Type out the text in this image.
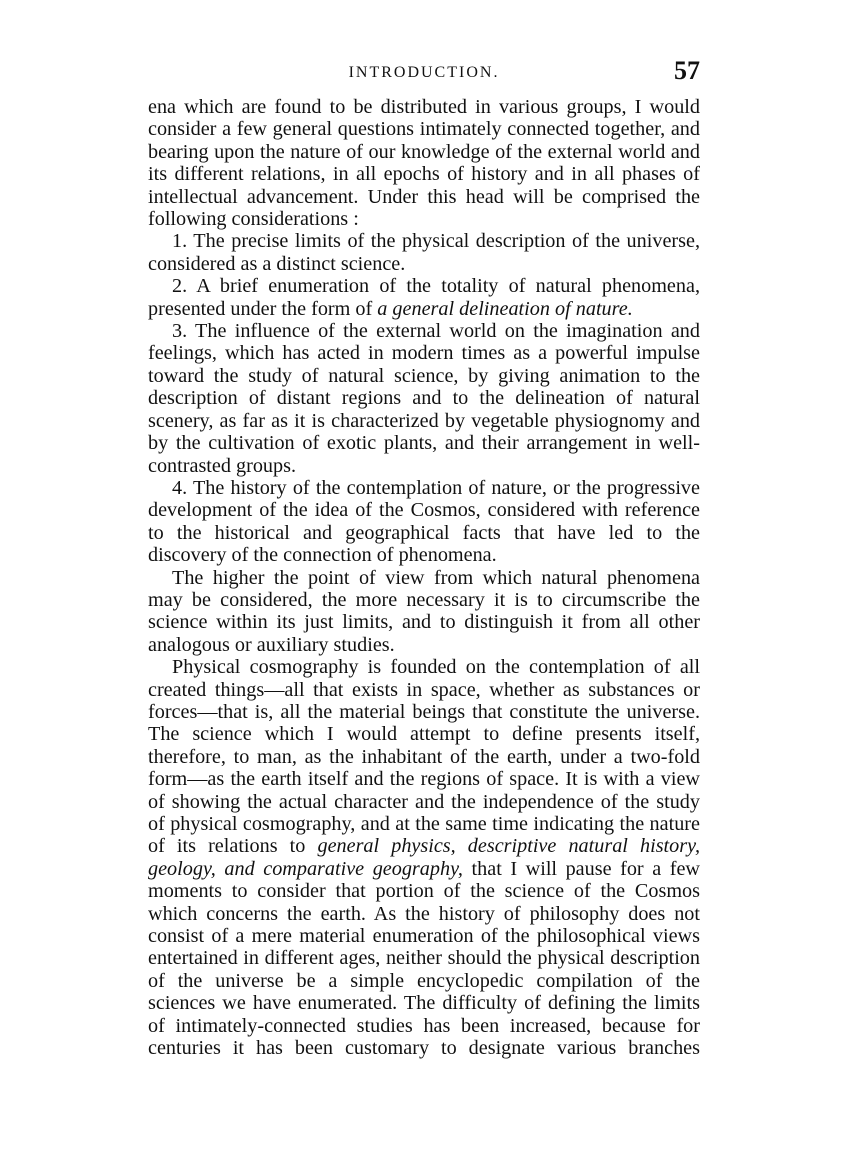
INTRODUCTION.	57

ena which are found to be distributed in various groups, I would consider a few general questions intimately connected together, and bearing upon the nature of our knowledge of the external world and its different relations, in all epochs of history and in all phases of intellectual advancement. Under this head will be comprised the following considerations :

1. The precise limits of the physical description of the universe, considered as a distinct science.

2. A brief enumeration of the totality of natural phenomena, presented under the form of a general delineation of nature.

3. The influence of the external world on the imagination and feelings, which has acted in modern times as a powerful impulse toward the study of natural science, by giving animation to the description of distant regions and to the delineation of natural scenery, as far as it is characterized by vegetable physiognomy and by the cultivation of exotic plants, and their arrangement in well-contrasted groups.

4. The history of the contemplation of nature, or the progressive development of the idea of the Cosmos, considered with reference to the historical and geographical facts that have led to the discovery of the connection of phenomena.

The higher the point of view from which natural phenomena may be considered, the more necessary it is to circumscribe the science within its just limits, and to distinguish it from all other analogous or auxiliary studies.

Physical cosmography is founded on the contemplation of all created things—all that exists in space, whether as substances or forces—that is, all the material beings that constitute the universe. The science which I would attempt to define presents itself, therefore, to man, as the inhabitant of the earth, under a two-fold form—as the earth itself and the regions of space. It is with a view of showing the actual character and the independence of the study of physical cosmography, and at the same time indicating the nature of its relations to general physics, descriptive natural history, geology, and comparative geography, that I will pause for a few moments to consider that portion of the science of the Cosmos which concerns the earth. As the history of philosophy does not consist of a mere material enumeration of the philosophical views entertained in different ages, neither should the physical description of the universe be a simple encyclopedic compilation of the sciences we have enumerated. The difficulty of defining the limits of intimately-connected studies has been increased, because for centuries it has been customary to designate various branches
